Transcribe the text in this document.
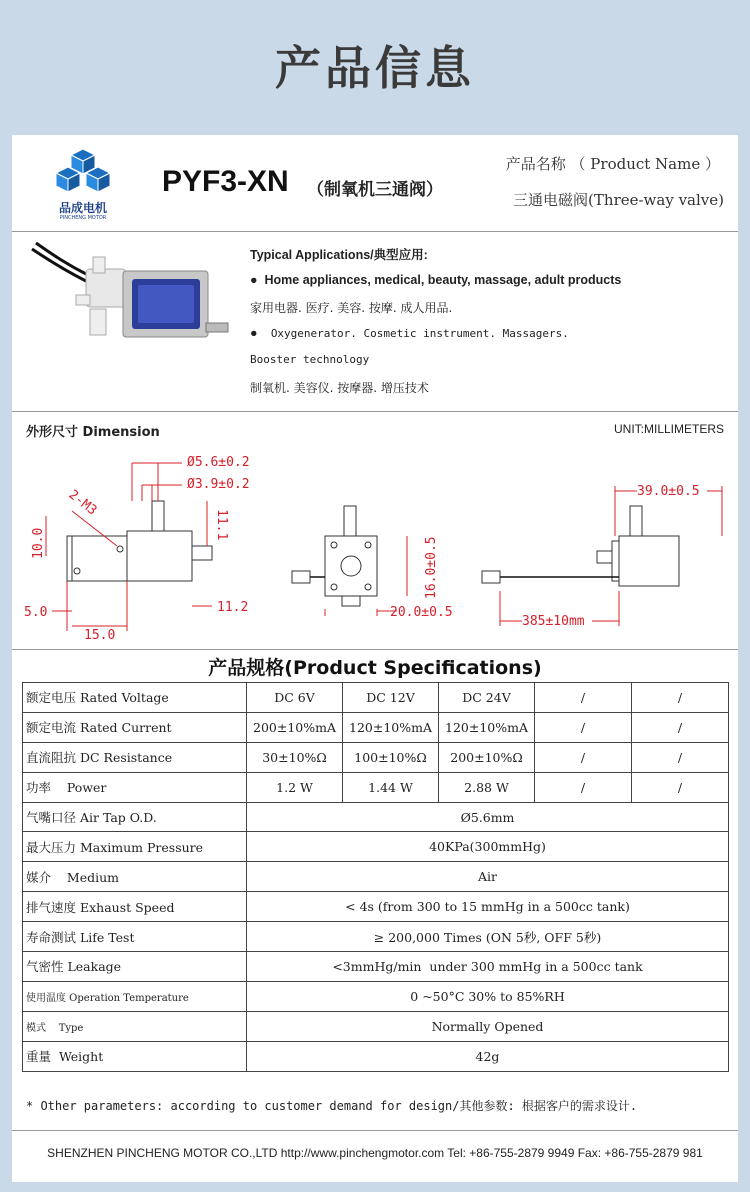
产品信息
品成电机
PINCHENG MOTOR
PYF3-XN （制氧机三通阀）
产品名称 （ Product Name ）
三通电磁阀(Three-way valve)
Typical Applications/典型应用:
● Home appliances, medical, beauty, massage, adult products
家用电器. 医疗. 美容. 按摩. 成人用品.
● Oxygenerator. Cosmetic instrument. Massagers.
Booster technology
制氧机. 美容仪. 按摩器. 增压技术
外形尺寸 Dimension	UNIT:MILLIMETERS
Ø5.6±0.2
Ø3.9±0.2
2-M3
10.0
11.1
5.0
15.0
11.2
16.0±0.5
20.0±0.5
39.0±0.5
385±10mm
产品规格(Product Specifications)
额定电压 Rated Voltage	DC 6V	DC 12V	DC 24V	/	/
额定电流 Rated Current	200±10%mA	120±10%mA	120±10%mA	/	/
直流阻抗 DC Resistance	30±10%Ω	100±10%Ω	200±10%Ω	/	/
功率    Power	1.2 W	1.44 W	2.88 W	/	/
气嘴口径 Air Tap O.D.	Ø5.6mm				
最大压力 Maximum Pressure	40KPa(300mmHg)				
媒介    Medium	Air				
排气速度 Exhaust Speed	< 4s (from 300 to 15 mmHg in a 500cc tank)				
寿命测试 Life Test	≥ 200,000 Times (ON 5秒, OFF 5秒)				
气密性 Leakage	<3mmHg/min  under 300 mmHg in a 500cc tank				
使用温度 Operation Temperature	0 ~50°C 30% to 85%RH				
模式    Type	Normally Opened				
重量  Weight	42g				
* Other parameters: according to customer demand for design/其他参数: 根据客户的需求设计.
SHENZHEN PINCHENG MOTOR CO.,LTD http://www.pinchengmotor.com Tel: +86-755-2879 9949 Fax: +86-755-2879 981
